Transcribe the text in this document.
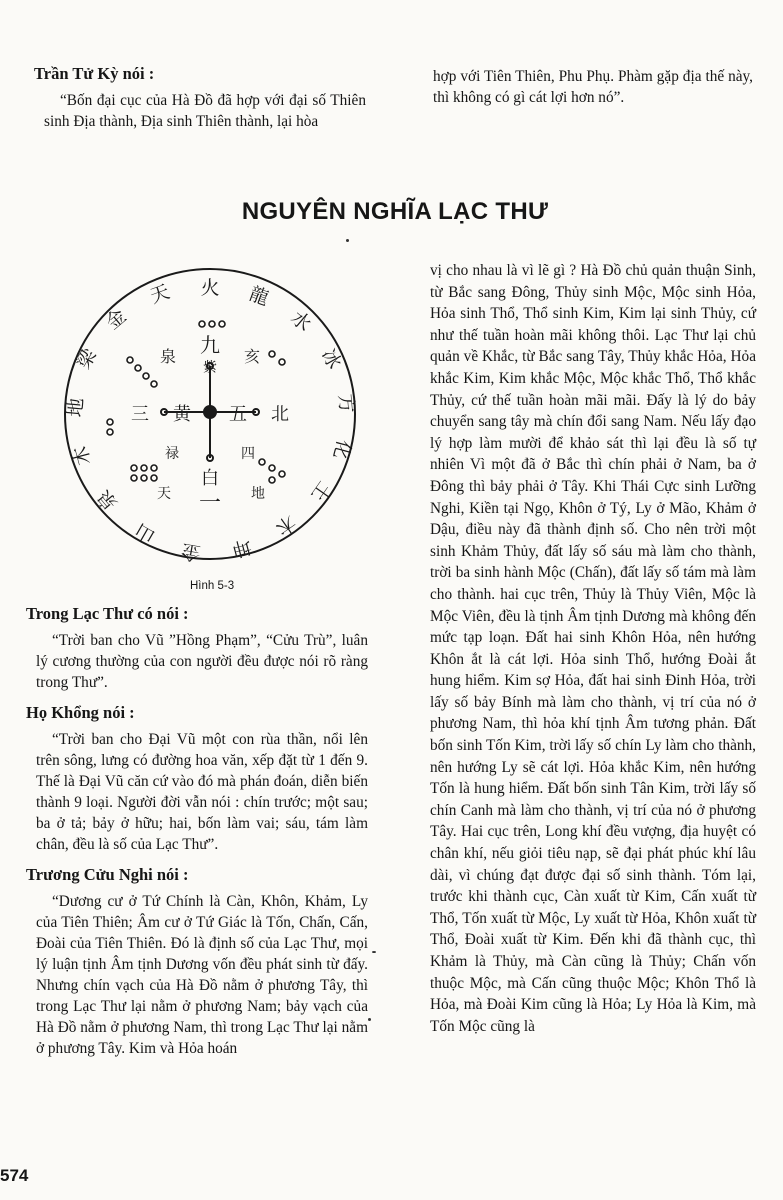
Trần Tử Kỳ nói :

“Bốn đại cục của Hà Đồ đã hợp với đại số Thiên sinh Địa thành, Địa sinh Thiên thành, lại hòa

hợp với Tiên Thiên, Phu Phụ. Phàm gặp địa thế này, thì không có gì cát lợi hơn nó”.

NGUYÊN NGHĨA LẠC THƯ
火 龍
水
冰
方
化
土
木
坤
金
山
泉
木
地
梁
金
天
九
紫
亥
泉
黄 五 北
三
白
一
四
禄
天	地
Hình 5-3

Trong Lạc Thư có nói :

“Trời ban cho Vũ ”Hồng Phạm”, “Cửu Trù”, luân lý cương thường của con người đều được nói rõ ràng trong Thư”.

Họ Khổng nói :

“Trời ban cho Đại Vũ một con rùa thần, nổi lên trên sông, lưng có đường hoa văn, xếp đặt từ 1 đến 9. Thế là Đại Vũ căn cứ vào đó mà phán đoán, diễn biến thành 9 loại. Người đời vẫn nói : chín trước; một sau; ba ở tả; bảy ở hữu; hai, bốn làm vai; sáu, tám làm chân, đều là số của Lạc Thư”.

Trương Cửu Nghi nói :

“Dương cư ở Tứ Chính là Càn, Khôn, Khảm, Ly của Tiên Thiên; Âm cư ở Tứ Giác là Tốn, Chấn, Cấn, Đoài của Tiên Thiên. Đó là định số của Lạc Thư, mọi lý luận tịnh Âm tịnh Dương vốn đều phát sinh từ đấy. Nhưng chín vạch của Hà Đồ nằm ở phương Tây, thì trong Lạc Thư lại nằm ở phương Nam; bảy vạch của Hà Đồ nằm ở phương Nam, thì trong Lạc Thư lại nằm ở phương Tây. Kim và Hỏa hoán

vị cho nhau là vì lẽ gì ? Hà Đồ chủ quản thuận Sinh, từ Bắc sang Đông, Thủy sinh Mộc, Mộc sinh Hỏa, Hỏa sinh Thổ, Thổ sinh Kim, Kim lại sinh Thủy, cứ như thế tuần hoàn mãi không thôi. Lạc Thư lại chủ quản về Khắc, từ Bắc sang Tây, Thủy khắc Hỏa, Hỏa khắc Kim, Kim khắc Mộc, Mộc khắc Thổ, Thổ khắc Thủy, cứ thế tuần hoàn mãi mãi. Đấy là lý do bảy chuyển sang tây mà chín đổi sang Nam. Nếu lấy đạo lý hợp làm mười để khảo sát thì lại đều là số tự nhiên Vì một đã ở Bắc thì chín phải ở Nam, ba ở Đông thì bảy phải ở Tây. Khi Thái Cực sinh Lưỡng Nghi, Kiền tại Ngọ, Khôn ở Tý, Ly ở Mão, Khảm ở Dậu, điều này đã thành định số. Cho nên trời một sinh Khảm Thủy, đất lấy số sáu mà làm cho thành, trời ba sinh hành Mộc (Chấn), đất lấy số tám mà làm cho thành. hai cục trên, Thủy là Thủy Viên, Mộc là Mộc Viên, đều là tịnh Âm tịnh Dương mà không đến mức tạp loạn. Đất hai sinh Khôn Hỏa, nên hướng Khôn ắt là cát lợi. Hỏa sinh Thổ, hướng Đoài ắt hung hiểm. Kim sợ Hỏa, đất hai sinh Đinh Hỏa, trời lấy số bảy Bính mà làm cho thành, vị trí của nó ở phương Nam, thì hỏa khí tịnh Âm tương phản. Đất bốn sinh Tốn Kim, trời lấy số chín Ly làm cho thành, nên hướng Ly sẽ cát lợi. Hỏa khắc Kim, nên hướng Tốn là hung hiểm. Đất bốn sinh Tân Kim, trời lấy số chín Canh mà làm cho thành, vị trí của nó ở phương Tây. Hai cục trên, Long khí đều vượng, địa huyệt có chân khí, nếu giỏi tiêu nạp, sẽ đại phát phúc khí lâu dài, vì chúng đạt được đại số sinh thành. Tóm lại, trước khi thành cục, Càn xuất từ Kim, Cấn xuất từ Thổ, Tốn xuất từ Mộc, Ly xuất từ Hỏa, Khôn xuất từ Thổ, Đoài xuất từ Kim. Đến khi đã thành cục, thì Khảm là Thủy, mà Càn cũng là Thủy; Chấn vốn thuộc Mộc, mà Cấn cũng thuộc Mộc; Khôn Thổ là Hỏa, mà Đoài Kim cũng là Hỏa; Ly Hỏa là Kim, mà Tốn Mộc cũng là

574
